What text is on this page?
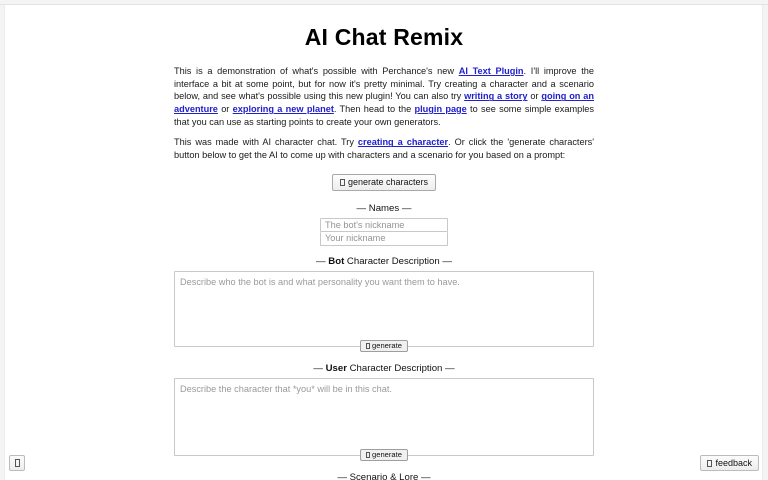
AI Chat Remix

This is a demonstration of what's possible with Perchance's new AI Text Plugin. I'll improve the interface a bit at some point, but for now it's pretty minimal. Try creating a character and a scenario below, and see what's possible using this new plugin! You can also try writing a story or going on an adventure or exploring a new planet. Then head to the plugin page to see some simple examples that you can use as starting points to create your own generators.

This was made with AI character chat. Try creating a character. Or click the 'generate characters' button below to get the AI to come up with characters and a scenario for you based on a prompt:

generate characters
— Names —
The bot's nickname
Your nickname
— Bot Character Description —
Describe who the bot is and what personality you want them to have.
generate
— User Character Description —
Describe the character that *you* will be in this chat.
generate
— Scenario & Lore —
feedback
